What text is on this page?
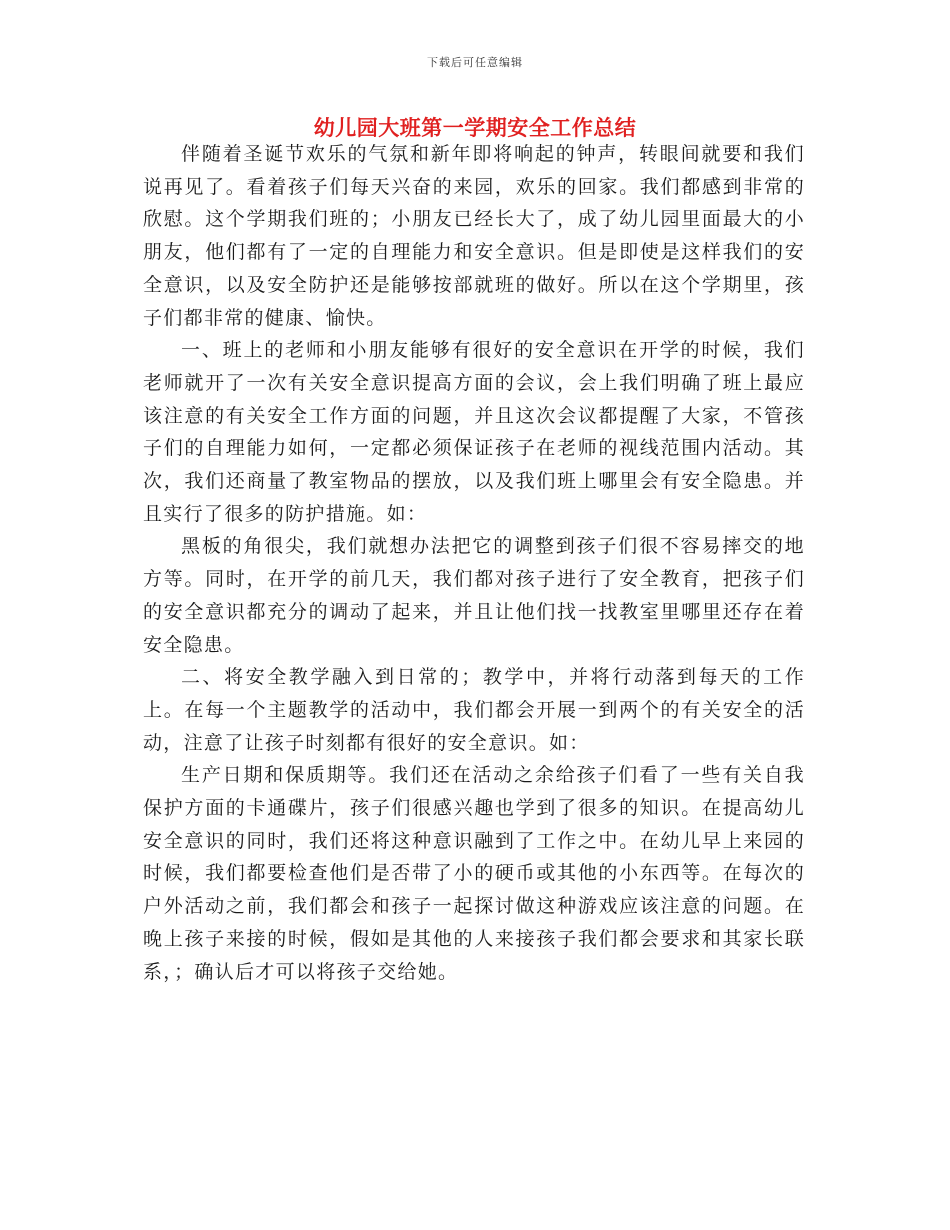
下载后可任意编辑
幼儿园大班第一学期安全工作总结

伴随着圣诞节欢乐的气氛和新年即将响起的钟声，转眼间就要和我们说再见了。看着孩子们每天兴奋的来园，欢乐的回家。我们都感到非常的欣慰。这个学期我们班的；小朋友已经长大了，成了幼儿园里面最大的小朋友，他们都有了一定的自理能力和安全意识。但是即使是这样我们的安全意识，以及安全防护还是能够按部就班的做好。所以在这个学期里，孩子们都非常的健康、愉快。

一、班上的老师和小朋友能够有很好的安全意识在开学的时候，我们老师就开了一次有关安全意识提高方面的会议，会上我们明确了班上最应该注意的有关安全工作方面的问题，并且这次会议都提醒了大家，不管孩子们的自理能力如何，一定都必须保证孩子在老师的视线范围内活动。其次，我们还商量了教室物品的摆放，以及我们班上哪里会有安全隐患。并且实行了很多的防护措施。如：

黑板的角很尖，我们就想办法把它的调整到孩子们很不容易摔交的地方等。同时，在开学的前几天，我们都对孩子进行了安全教育，把孩子们的安全意识都充分的调动了起来，并且让他们找一找教室里哪里还存在着安全隐患。

二、将安全教学融入到日常的；教学中，并将行动落到每天的工作上。在每一个主题教学的活动中，我们都会开展一到两个的有关安全的活动，注意了让孩子时刻都有很好的安全意识。如：

生产日期和保质期等。我们还在活动之余给孩子们看了一些有关自我保护方面的卡通碟片，孩子们很感兴趣也学到了很多的知识。在提高幼儿安全意识的同时，我们还将这种意识融到了工作之中。在幼儿早上来园的时候，我们都要检查他们是否带了小的硬币或其他的小东西等。在每次的户外活动之前，我们都会和孩子一起探讨做这种游戏应该注意的问题。在晚上孩子来接的时候，假如是其他的人来接孩子我们都会要求和其家长联系，；确认后才可以将孩子交给她。
